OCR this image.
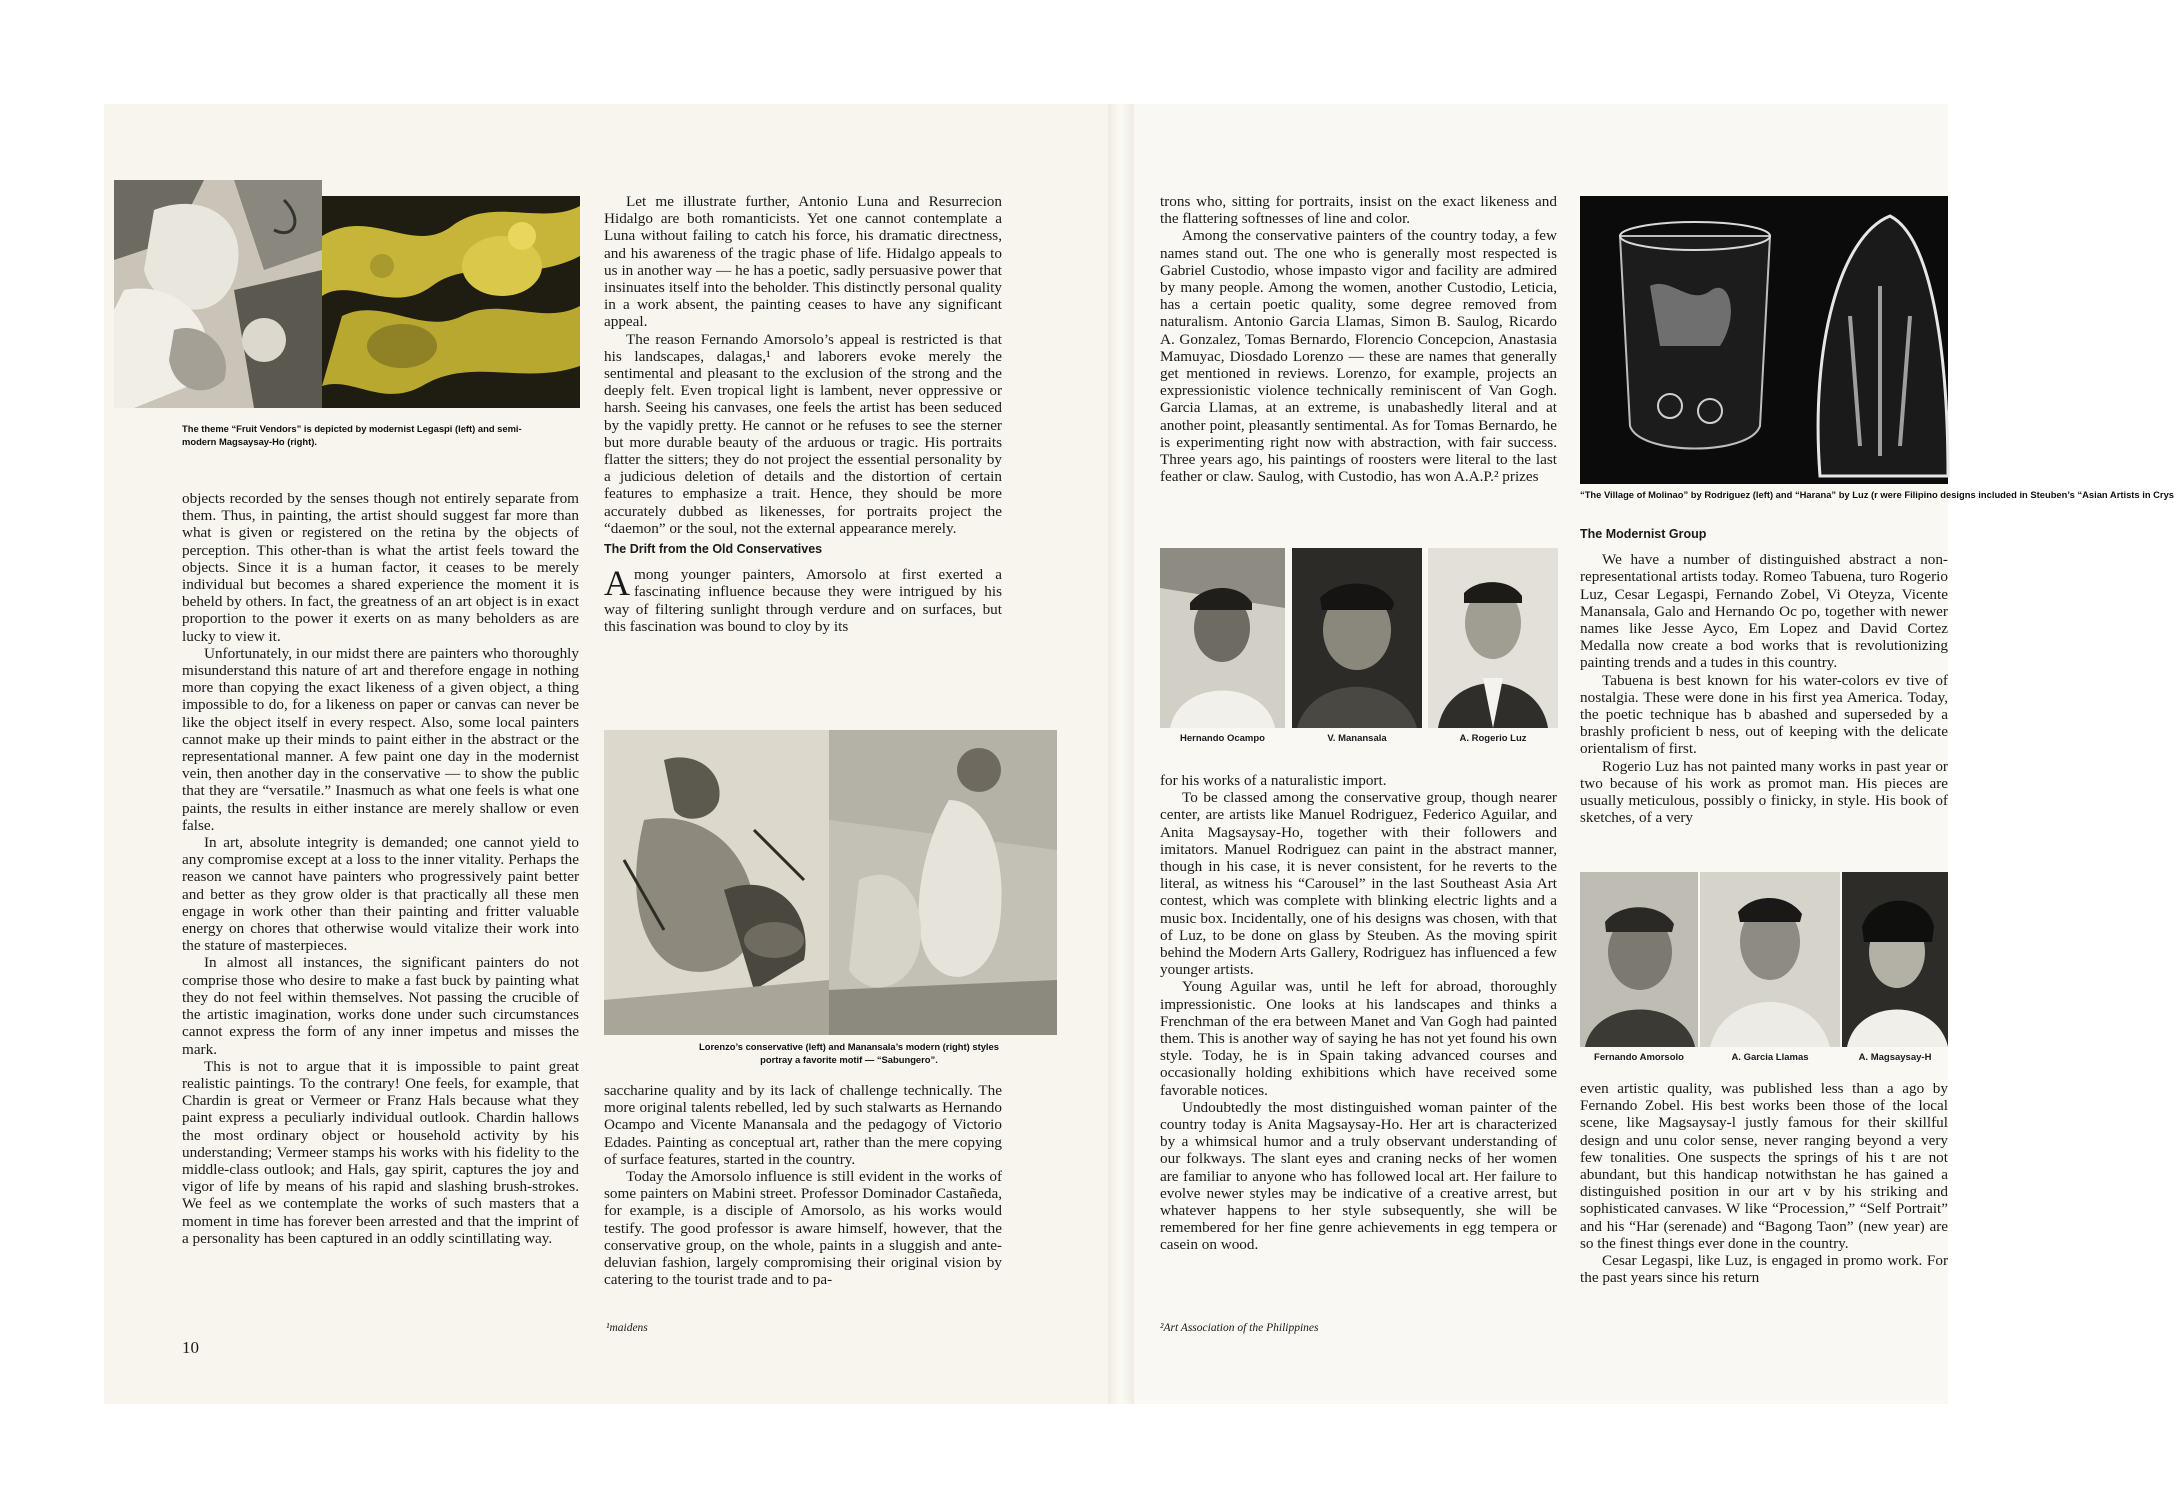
The theme “Fruit Vendors” is depicted by modernist Legaspi (left) and semi-modern Magsaysay-Ho (right).

objects recorded by the senses though not entirely separate from them. Thus, in painting, the artist should suggest far more than what is given or registered on the retina by the objects of perception. This other-than is what the artist feels toward the objects. Since it is a human factor, it ceases to be merely individual but becomes a shared experience the moment it is beheld by others. In fact, the greatness of an art object is in exact proportion to the power it exerts on as many beholders as are lucky to view it.

Unfortunately, in our midst there are painters who thoroughly misunderstand this nature of art and therefore engage in nothing more than copying the exact likeness of a given object, a thing impossible to do, for a likeness on paper or canvas can never be like the object itself in every respect. Also, some local painters cannot make up their minds to paint either in the abstract or the representational manner. A few paint one day in the modernist vein, then another day in the conservative — to show the public that they are “versatile.” Inasmuch as what one feels is what one paints, the results in either instance are merely shallow or even false.

In art, absolute integrity is demanded; one cannot yield to any compromise except at a loss to the inner vitality. Perhaps the reason we cannot have painters who progressively paint better and better as they grow older is that practically all these men engage in work other than their painting and fritter valuable energy on chores that otherwise would vitalize their work into the stature of masterpieces.

In almost all instances, the significant painters do not comprise those who desire to make a fast buck by painting what they do not feel within themselves. Not passing the crucible of the artistic imagination, works done under such circumstances cannot express the form of any inner impetus and misses the mark.

This is not to argue that it is impossible to paint great realistic paintings. To the contrary! One feels, for example, that Chardin is great or Vermeer or Franz Hals because what they paint express a peculiarly individual outlook. Chardin hallows the most ordinary object or household activity by his understanding; Vermeer stamps his works with his fidelity to the middle-class outlook; and Hals, gay spirit, captures the joy and vigor of life by means of his rapid and slashing brush-strokes. We feel as we contemplate the works of such masters that a moment in time has forever been arrested and that the imprint of a personality has been captured in an oddly scintillating way.

10

Let me illustrate further, Antonio Luna and Resurrecion Hidalgo are both romanticists. Yet one cannot contemplate a Luna without failing to catch his force, his dramatic directness, and his awareness of the tragic phase of life. Hidalgo appeals to us in another way — he has a poetic, sadly persuasive power that insinuates itself into the beholder. This distinctly personal quality in a work absent, the painting ceases to have any significant appeal.

The reason Fernando Amorsolo’s appeal is restricted is that his landscapes, dalagas,¹ and laborers evoke merely the sentimental and pleasant to the exclusion of the strong and the deeply felt. Even tropical light is lambent, never oppressive or harsh. Seeing his canvases, one feels the artist has been seduced by the vapidly pretty. He cannot or he refuses to see the sterner but more durable beauty of the arduous or tragic. His portraits flatter the sitters; they do not project the essential personality by a judicious deletion of details and the distortion of certain features to emphasize a trait. Hence, they should be more accurately dubbed as likenesses, for portraits project the “daemon” or the soul, not the external appearance merely.

The Drift from the Old Conservatives

Among younger painters, Amorsolo at first exerted a fascinating influence because they were intrigued by his way of filtering sunlight through verdure and on surfaces, but this fascination was bound to cloy by its

Lorenzo’s conservative (left) and Manansala’s modern (right) styles portray a favorite motif — “Sabungero”.

saccharine quality and by its lack of challenge technically. The more original talents rebelled, led by such stalwarts as Hernando Ocampo and Vicente Manansala and the pedagogy of Victorio Edades. Painting as conceptual art, rather than the mere copying of surface features, started in the country.

Today the Amorsolo influence is still evident in the works of some painters on Mabini street. Professor Dominador Castañeda, for example, is a disciple of Amorsolo, as his works would testify. The good professor is aware himself, however, that the conservative group, on the whole, paints in a sluggish and ante-deluvian fashion, largely compromising their original vision by catering to the tourist trade and to pa-

¹maidens

trons who, sitting for portraits, insist on the exact likeness and the flattering softnesses of line and color.

Among the conservative painters of the country today, a few names stand out. The one who is generally most respected is Gabriel Custodio, whose impasto vigor and facility are admired by many people. Among the women, another Custodio, Leticia, has a certain poetic quality, some degree removed from naturalism. Antonio Garcia Llamas, Simon B. Saulog, Ricardo A. Gonzalez, Tomas Bernardo, Florencio Concepcion, Anastasia Mamuyac, Diosdado Lorenzo — these are names that generally get mentioned in reviews. Lorenzo, for example, projects an expressionistic violence technically reminiscent of Van Gogh. Garcia Llamas, at an extreme, is unabashedly literal and at another point, pleasantly sentimental. As for Tomas Bernardo, he is experimenting right now with abstraction, with fair success. Three years ago, his paintings of roosters were literal to the last feather or claw. Saulog, with Custodio, has won A.A.P.² prizes

Hernando Ocampo	V. Manansala	A. Rogerio Luz

for his works of a naturalistic import.

To be classed among the conservative group, though nearer center, are artists like Manuel Rodriguez, Federico Aguilar, and Anita Magsaysay-Ho, together with their followers and imitators. Manuel Rodriguez can paint in the abstract manner, though in his case, it is never consistent, for he reverts to the literal, as witness his “Carousel” in the last Southeast Asia Art contest, which was complete with blinking electric lights and a music box. Incidentally, one of his designs was chosen, with that of Luz, to be done on glass by Steuben. As the moving spirit behind the Modern Arts Gallery, Rodriguez has influenced a few younger artists.

Young Aguilar was, until he left for abroad, thoroughly impressionistic. One looks at his landscapes and thinks a Frenchman of the era between Manet and Van Gogh had painted them. This is another way of saying he has not yet found his own style. Today, he is in Spain taking advanced courses and occasionally holding exhibitions which have received some favorable notices.

Undoubtedly the most distinguished woman painter of the country today is Anita Magsaysay-Ho. Her art is characterized by a whimsical humor and a truly observant understanding of our folkways. The slant eyes and craning necks of her women are familiar to anyone who has followed local art. Her failure to evolve newer styles may be indicative of a creative arrest, but whatever happens to her style subsequently, she will be remembered for her fine genre achievements in egg tempera or casein on wood.

²Art Association of the Philippines
“The Village of Molinao” by Rodriguez (left) and “Harana” by Luz (r were Filipino designs included in Steuben’s “Asian Artists in Crys
The Modernist Group

We have a number of distinguished abstract a non-representational artists today. Romeo Tabuena, turo Rogerio Luz, Cesar Legaspi, Fernando Zobel, Vi Oteyza, Vicente Manansala, Galo and Hernando Oc po, together with newer names like Jesse Ayco, Em Lopez and David Cortez Medalla now create a bod works that is revolutionizing painting trends and a tudes in this country.

Tabuena is best known for his water-colors ev tive of nostalgia. These were done in his first yea America. Today, the poetic technique has b abashed and superseded by a brashly proficient b ness, out of keeping with the delicate orientalism of first.

Rogerio Luz has not painted many works in past year or two because of his work as promot man. His pieces are usually meticulous, possibly o finicky, in style. His book of sketches, of a very

Fernando Amorsolo	A. Garcia Llamas	A. Magsaysay-H

even artistic quality, was published less than a ago by Fernando Zobel. His best works been those of the local scene, like Magsaysay-l justly famous for their skillful design and unu color sense, never ranging beyond a very few tonalities. One suspects the springs of his t are not abundant, but this handicap notwithstan he has gained a distinguished position in our art v by his striking and sophisticated canvases. W like “Procession,” “Self Portrait” and his “Har (serenade) and “Bagong Taon” (new year) are so the finest things ever done in the country.

Cesar Legaspi, like Luz, is engaged in promo work. For the past years since his return
